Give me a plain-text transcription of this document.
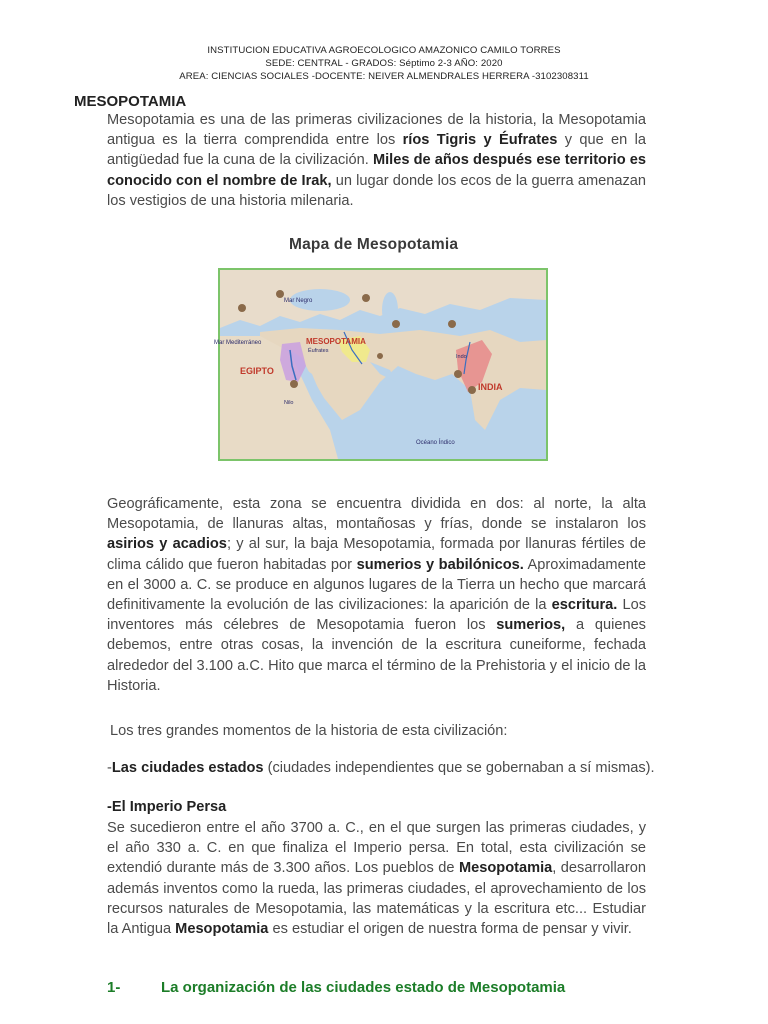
INSTITUCION EDUCATIVA AGROECOLOGICO AMAZONICO CAMILO TORRES
SEDE: CENTRAL - GRADOS: Séptimo 2-3 AÑO: 2020
AREA: CIENCIAS SOCIALES -DOCENTE: NEIVER ALMENDRALES HERRERA -3102308311
MESOPOTAMIA
Mesopotamia es una de las primeras civilizaciones de la historia, la Mesopotamia antigua es la tierra comprendida entre los ríos Tigris y Éufrates y que en la antigüedad fue la cuna de la civilización. Miles de años después ese territorio es conocido con el nombre de Irak, un lugar donde los ecos de la guerra amenazan los vestigios de una historia milenaria.
Mapa de Mesopotamia
Mar Negro
Mar Mediterráneo	MESOPOTAMIA
Éufrates
EGIPTO
Nilo
Indo
INDIA
Océano Índico
Geográficamente, esta zona se encuentra dividida en dos: al norte, la alta Mesopotamia, de llanuras altas, montañosas y frías, donde se instalaron los asirios y acadios; y al sur, la baja Mesopotamia, formada por llanuras fértiles de clima cálido que fueron habitadas por sumerios y babilónicos. Aproximadamente en el 3000 a. C. se produce en algunos lugares de la Tierra un hecho que marcará definitivamente la evolución de las civilizaciones: la aparición de la escritura. Los inventores más célebres de Mesopotamia fueron los sumerios, a quienes debemos, entre otras cosas, la invención de la escritura cuneiforme, fechada alrededor del 3.100 a.C. Hito que marca el término de la Prehistoria y el inicio de la Historia.
Los tres grandes momentos de la historia de esta civilización:
-Las ciudades estados (ciudades independientes que se gobernaban a sí mismas).
-El Imperio Persa
Se sucedieron entre el año 3700 a. C., en el que surgen las primeras ciudades, y el año 330 a. C. en que finaliza el Imperio persa. En total, esta civilización se extendió durante más de 3.300 años. Los pueblos de Mesopotamia, desarrollaron además inventos como la rueda, las primeras ciudades, el aprovechamiento de los recursos naturales de Mesopotamia, las matemáticas y la escritura etc... Estudiar la Antigua Mesopotamia es estudiar el origen de nuestra forma de pensar y vivir.
1-	La organización de las ciudades estado de Mesopotamia
